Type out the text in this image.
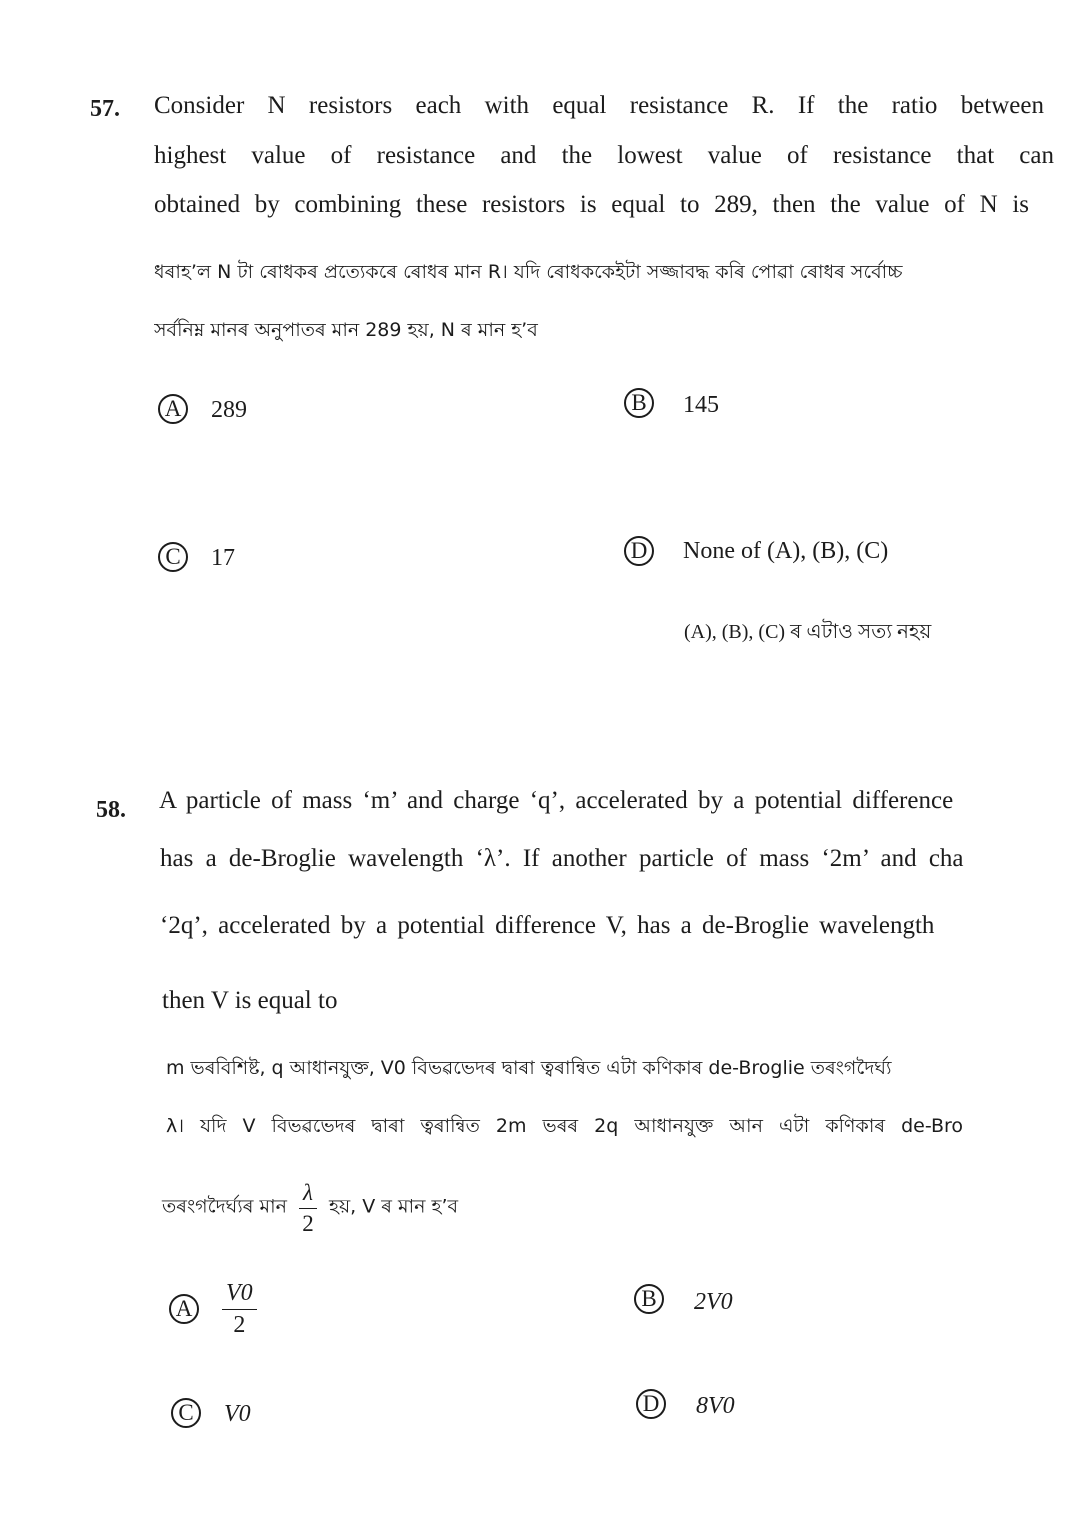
57. Consider N resistors each with equal resistance R. If the ratio between
highest value of resistance and the lowest value of resistance that can
obtained by combining these resistors is equal to 289, then the value of N is
ধৰাহ’ল N টা ৰোধকৰ প্ৰত্যেকৰে ৰোধৰ মান R। যদি ৰোধককেইটা সজ্জাবদ্ধ কৰি পোৱা ৰোধৰ সৰ্বোচ্চ
সৰ্বনিম্ন মানৰ অনুপাতৰ মান 289 হয়, N ৰ মান হ’ব
A 289	B	145
C	17	D None of (A), (B), (C)
(A), (B), (C) ৰ এটাও সত্য নহয়
58. A particle of mass ‘m’ and charge ‘q’, accelerated by a potential difference
has a de-Broglie wavelength ‘λ’. If another particle of mass ‘2m’ and cha
‘2q’, accelerated by a potential difference V, has a de-Broglie wavelength
then V is equal to
m ভৰবিশিষ্ট, q আধানযুক্ত, V0 বিভৱভেদৰ দ্বাৰা ত্বৰান্বিত এটা কণিকাৰ de-Broglie তৰংগদৈৰ্ঘ্য
λ। যদি V বিভৱভেদৰ দ্বাৰা ত্বৰান্বিত 2m ভৰৰ 2q আধানযুক্ত আন এটা কণিকাৰ de-Bro
তৰংগদৈৰ্ঘ্যৰ মান $\frac{\lambda}{2}$ হয়, V ৰ মান হ’ব
A $\frac{V0}{2}$	B	2V0
C	V0	D 8V0
